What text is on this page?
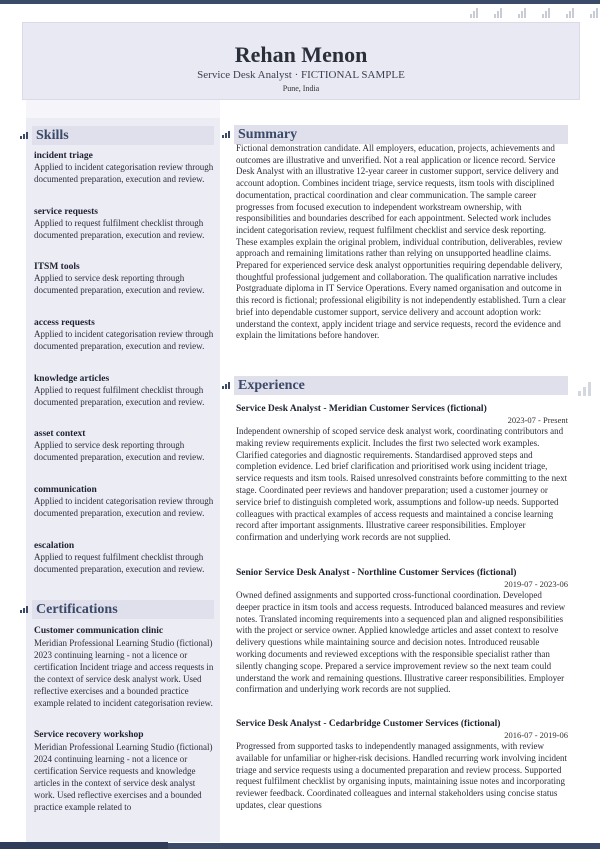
Rehan Menon
Service Desk Analyst · FICTIONAL SAMPLE
Pune, India
Skills
incident triage
Applied to incident categorisation review through documented preparation, execution and review.
service requests
Applied to request fulfilment checklist through documented preparation, execution and review.
ITSM tools
Applied to service desk reporting through documented preparation, execution and review.
access requests
Applied to incident categorisation review through documented preparation, execution and review.
knowledge articles
Applied to request fulfilment checklist through documented preparation, execution and review.
asset context
Applied to service desk reporting through documented preparation, execution and review.
communication
Applied to incident categorisation review through documented preparation, execution and review.
escalation
Applied to request fulfilment checklist through documented preparation, execution and review.
Certifications
Customer communication clinic
Meridian Professional Learning Studio (fictional) 2023 continuing learning - not a licence or certification Incident triage and access requests in the context of service desk analyst work. Used reflective exercises and a bounded practice example related to incident categorisation review.
Service recovery workshop
Meridian Professional Learning Studio (fictional) 2024 continuing learning - not a licence or certification Service requests and knowledge articles in the context of service desk analyst work. Used reflective exercises and a bounded practice example related to
Summary
Fictional demonstration candidate. All employers, education, projects, achievements and outcomes are illustrative and unverified. Not a real application or licence record. Service Desk Analyst with an illustrative 12-year career in customer support, service delivery and account adoption. Combines incident triage, service requests, itsm tools with disciplined documentation, practical coordination and clear communication. The sample career progresses from focused execution to independent workstream ownership, with responsibilities and boundaries described for each appointment. Selected work includes incident categorisation review, request fulfilment checklist and service desk reporting. These examples explain the original problem, individual contribution, deliverables, review approach and remaining limitations rather than relying on unsupported headline claims. Prepared for experienced service desk analyst opportunities requiring dependable delivery, thoughtful professional judgement and collaboration. The qualification narrative includes Postgraduate diploma in IT Service Operations. Every named organisation and outcome in this record is fictional; professional eligibility is not independently established. Turn a clear brief into dependable customer support, service delivery and account adoption work: understand the context, apply incident triage and service requests, record the evidence and explain the limitations before handover.
Experience
Service Desk Analyst - Meridian Customer Services (fictional)
2023-07 - Present
Independent ownership of scoped service desk analyst work, coordinating contributors and making review requirements explicit. Includes the first two selected work examples. Clarified categories and diagnostic requirements. Standardised approved steps and completion evidence. Led brief clarification and prioritised work using incident triage, service requests and itsm tools. Raised unresolved constraints before committing to the next stage. Coordinated peer reviews and handover preparation; used a customer journey or service brief to distinguish completed work, assumptions and follow-up needs. Supported colleagues with practical examples of access requests and maintained a concise learning record after important assignments. Illustrative career responsibilities. Employer confirmation and underlying work records are not supplied.
Senior Service Desk Analyst - Northline Customer Services (fictional)
2019-07 - 2023-06
Owned defined assignments and supported cross-functional coordination. Developed deeper practice in itsm tools and access requests. Introduced balanced measures and review notes. Translated incoming requirements into a sequenced plan and aligned responsibilities with the project or service owner. Applied knowledge articles and asset context to resolve delivery questions while maintaining source and decision notes. Introduced reusable working documents and reviewed exceptions with the responsible specialist rather than silently changing scope. Prepared a service improvement review so the next team could understand the work and remaining questions. Illustrative career responsibilities. Employer confirmation and underlying work records are not supplied.
Service Desk Analyst - Cedarbridge Customer Services (fictional)
2016-07 - 2019-06
Progressed from supported tasks to independently managed assignments, with review available for unfamiliar or higher-risk decisions. Handled recurring work involving incident triage and service requests using a documented preparation and review process. Supported request fulfilment checklist by organising inputs, maintaining issue notes and incorporating reviewer feedback. Coordinated colleagues and internal stakeholders using concise status updates, clear questions
